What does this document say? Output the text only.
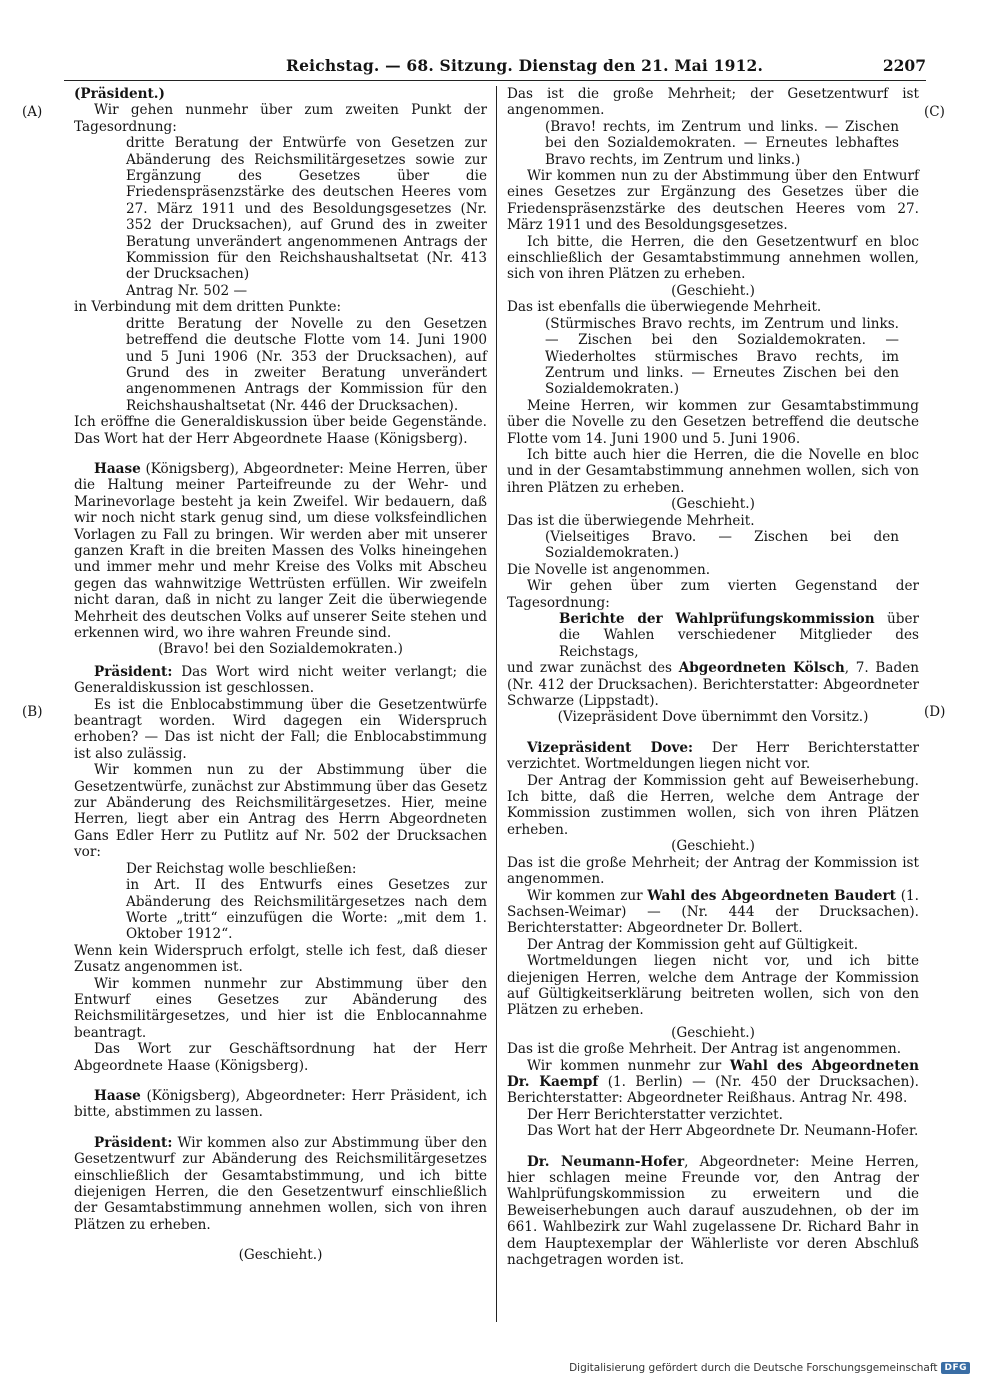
Reichstag. — 68. Sitzung. Dienstag den 21. Mai 1912.	2207
(A)
(B)
(C)
(D)

(Präsident.)

Wir gehen nunmehr über zum zweiten Punkt der Tagesordnung:

dritte Beratung der Entwürfe von Gesetzen zur Abänderung des Reichsmilitärgesetzes sowie zur Ergänzung des Gesetzes über die Friedenspräsenzstärke des deutschen Heeres vom 27. März 1911 und des Besoldungsgesetzes (Nr. 352 der Drucksachen), auf Grund des in zweiter Beratung unverändert angenommenen Antrags der Kommission für den Reichshaushaltsetat (Nr. 413 der Drucksachen)

Antrag Nr. 502 —

in Verbindung mit dem dritten Punkte:

dritte Beratung der Novelle zu den Gesetzen betreffend die deutsche Flotte vom 14. Juni 1900 und 5 Juni 1906 (Nr. 353 der Drucksachen), auf Grund des in zweiter Beratung unverändert angenommenen Antrags der Kommission für den Reichshaushaltsetat (Nr. 446 der Drucksachen).

Ich eröffne die Generaldiskussion über beide Gegenstände. Das Wort hat der Herr Abgeordnete Haase (Königsberg).

Haase (Königsberg), Abgeordneter: Meine Herren, über die Haltung meiner Parteifreunde zu der Wehr- und Marinevorlage besteht ja kein Zweifel. Wir bedauern, daß wir noch nicht stark genug sind, um diese volksfeindlichen Vorlagen zu Fall zu bringen. Wir werden aber mit unserer ganzen Kraft in die breiten Massen des Volks hineingehen und immer mehr und mehr Kreise des Volks mit Abscheu gegen das wahnwitzige Wettrüsten erfüllen. Wir zweifeln nicht daran, daß in nicht zu langer Zeit die überwiegende Mehrheit des deutschen Volks auf unserer Seite stehen und erkennen wird, wo ihre wahren Freunde sind.

(Bravo! bei den Sozialdemokraten.)

Präsident: Das Wort wird nicht weiter verlangt; die Generaldiskussion ist geschlossen.

Es ist die Enblocabstimmung über die Gesetzentwürfe beantragt worden. Wird dagegen ein Widerspruch erhoben? — Das ist nicht der Fall; die Enblocabstimmung ist also zulässig.

Wir kommen nun zu der Abstimmung über die Gesetzentwürfe, zunächst zur Abstimmung über das Gesetz zur Abänderung des Reichsmilitärgesetzes. Hier, meine Herren, liegt aber ein Antrag des Herrn Abgeordneten Gans Edler Herr zu Putlitz auf Nr. 502 der Drucksachen vor:

Der Reichstag wolle beschließen:

in Art. II des Entwurfs eines Gesetzes zur Abänderung des Reichsmilitärgesetzes nach dem Worte „tritt“ einzufügen die Worte: „mit dem 1. Oktober 1912“.

Wenn kein Widerspruch erfolgt, stelle ich fest, daß dieser Zusatz angenommen ist.

Wir kommen nunmehr zur Abstimmung über den Entwurf eines Gesetzes zur Abänderung des Reichsmilitärgesetzes, und hier ist die Enblocannahme beantragt.

Das Wort zur Geschäftsordnung hat der Herr Abgeordnete Haase (Königsberg).

Haase (Königsberg), Abgeordneter: Herr Präsident, ich bitte, abstimmen zu lassen.

Präsident: Wir kommen also zur Abstimmung über den Gesetzentwurf zur Abänderung des Reichsmilitärgesetzes einschließlich der Gesamtabstimmung, und ich bitte diejenigen Herren, die den Gesetzentwurf einschließlich der Gesamtabstimmung annehmen wollen, sich von ihren Plätzen zu erheben.

(Geschieht.)

Das ist die große Mehrheit; der Gesetzentwurf ist angenommen.

(Bravo! rechts, im Zentrum und links. — Zischen bei den Sozialdemokraten. — Erneutes lebhaftes Bravo rechts, im Zentrum und links.)

Wir kommen nun zu der Abstimmung über den Entwurf eines Gesetzes zur Ergänzung des Gesetzes über die Friedenspräsenzstärke des deutschen Heeres vom 27. März 1911 und des Besoldungsgesetzes.

Ich bitte, die Herren, die den Gesetzentwurf en bloc einschließlich der Gesamtabstimmung annehmen wollen, sich von ihren Plätzen zu erheben.

(Geschieht.)

Das ist ebenfalls die überwiegende Mehrheit.

(Stürmisches Bravo rechts, im Zentrum und links. — Zischen bei den Sozialdemokraten. — Wiederholtes stürmisches Bravo rechts, im Zentrum und links. — Erneutes Zischen bei den Sozialdemokraten.)

Meine Herren, wir kommen zur Gesamtabstimmung über die Novelle zu den Gesetzen betreffend die deutsche Flotte vom 14. Juni 1900 und 5. Juni 1906.

Ich bitte auch hier die Herren, die die Novelle en bloc und in der Gesamtabstimmung annehmen wollen, sich von ihren Plätzen zu erheben.

(Geschieht.)

Das ist die überwiegende Mehrheit.

(Vielseitiges Bravo. — Zischen bei den Sozialdemokraten.)

Die Novelle ist angenommen.

Wir gehen über zum vierten Gegenstand der Tagesordnung:

Berichte der Wahlprüfungskommission über die Wahlen verschiedener Mitglieder des Reichstags,

und zwar zunächst des Abgeordneten Kölsch, 7. Baden (Nr. 412 der Drucksachen). Berichterstatter: Abgeordneter Schwarze (Lippstadt).

(Vizepräsident Dove übernimmt den Vorsitz.)

Vizepräsident Dove: Der Herr Berichterstatter verzichtet. Wortmeldungen liegen nicht vor.

Der Antrag der Kommission geht auf Beweiserhebung. Ich bitte, daß die Herren, welche dem Antrage der Kommission zustimmen wollen, sich von ihren Plätzen erheben.

(Geschieht.)

Das ist die große Mehrheit; der Antrag der Kommission ist angenommen.

Wir kommen zur Wahl des Abgeordneten Baudert (1. Sachsen-Weimar) — (Nr. 444 der Drucksachen). Berichterstatter: Abgeordneter Dr. Bollert.

Der Antrag der Kommission geht auf Gültigkeit.

Wortmeldungen liegen nicht vor, und ich bitte diejenigen Herren, welche dem Antrage der Kommission auf Gültigkeitserklärung beitreten wollen, sich von den Plätzen zu erheben.

(Geschieht.)

Das ist die große Mehrheit. Der Antrag ist angenommen.

Wir kommen nunmehr zur Wahl des Abgeordneten Dr. Kaempf (1. Berlin) — (Nr. 450 der Drucksachen). Berichterstatter: Abgeordneter Reißhaus. Antrag Nr. 498.

Der Herr Berichterstatter verzichtet.

Das Wort hat der Herr Abgeordnete Dr. Neumann-Hofer.

Dr. Neumann-Hofer, Abgeordneter: Meine Herren, hier schlagen meine Freunde vor, den Antrag der Wahlprüfungskommission zu erweitern und die Beweiserhebungen auch darauf auszudehnen, ob der im 661. Wahlbezirk zur Wahl zugelassene Dr. Richard Bahr in dem Hauptexemplar der Wählerliste vor deren Abschluß nachgetragen worden ist.

Digitalisierung gefördert durch die Deutsche Forschungsgemeinschaft DFG
